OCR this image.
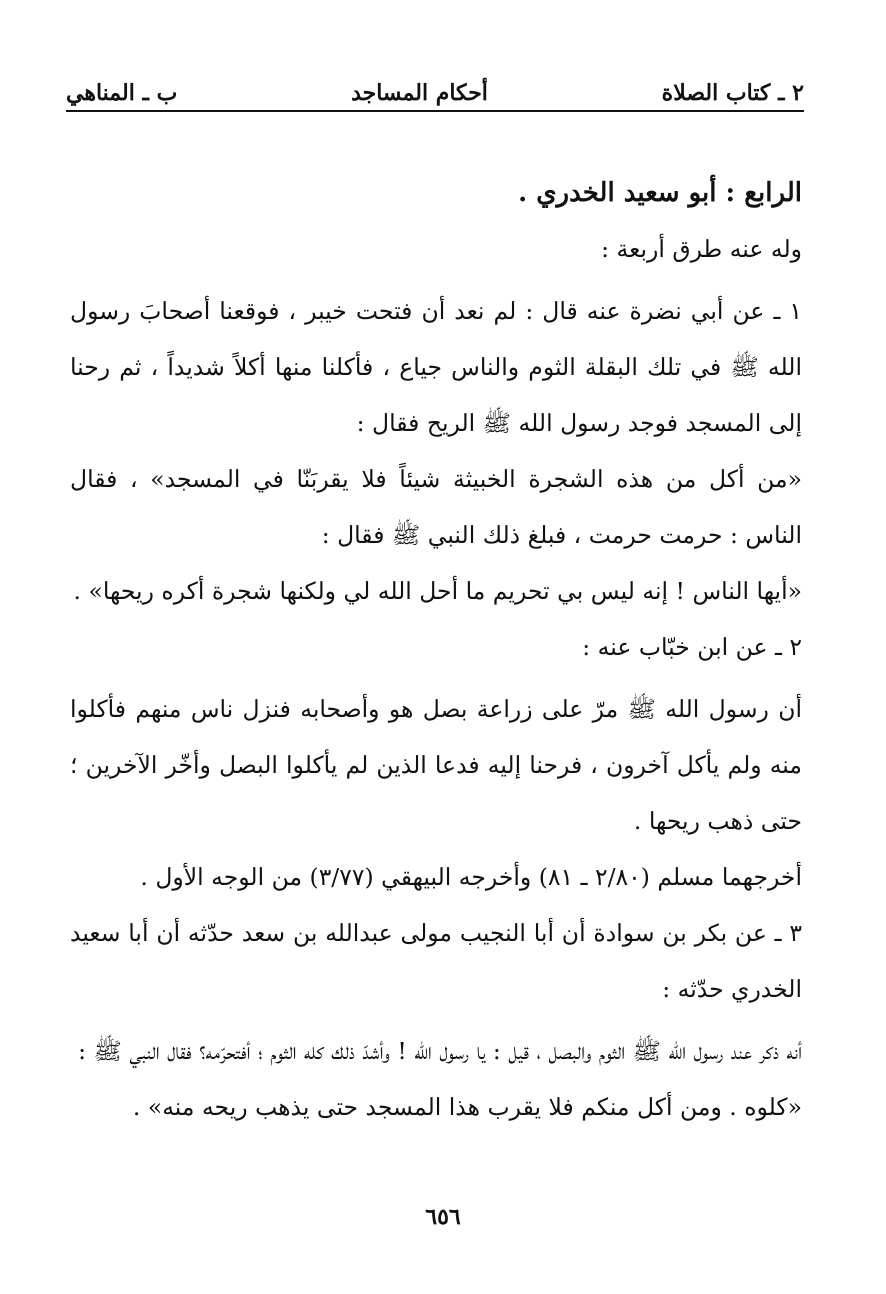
٢ ـ كتاب الصلاة
أحكام المساجد
ب ـ المناهي

الرابع : أبو سعيد الخدري .

وله عنه طرق أربعة :

١ ـ عن أبي نضرة عنه قال : لم نعد أن فتحت خيبر ، فوقعنا أصحابَ رسول الله ﷺ في تلك البقلة الثوم والناس جياع ، فأكلنا منها أكلاً شديداً ، ثم رحنا إلى المسجد فوجد رسول الله ﷺ الريح فقال :

«من أكل من هذه الشجرة الخبيثة شيئاً فلا يقربَنّا في المسجد» ، فقال الناس : حرمت حرمت ، فبلغ ذلك النبي ﷺ فقال :

«أيها الناس ! إنه ليس بي تحريم ما أحل الله لي ولكنها شجرة أكره ريحها» .

٢ ـ عن ابن خبّاب عنه :

أن رسول الله ﷺ مرّ على زراعة بصل هو وأصحابه فنزل ناس منهم فأكلوا منه ولم يأكل آخرون ، فرحنا إليه فدعا الذين لم يأكلوا البصل وأخّر الآخرين ؛ حتى ذهب ريحها .

أخرجهما مسلم (٢/٨٠ ـ ٨١) وأخرجه البيهقي (٣/٧٧) من الوجه الأول .

٣ ـ عن بكر بن سوادة أن أبا النجيب مولى عبدالله بن سعد حدّثه أن أبا سعيد الخدري حدّثه :

أنه ذكر عند رسول الله ﷺ الثوم والبصل ، قيل : يا رسول الله ! وأشدّ ذلك كله الثوم ؛ أفتحرّمه؟ فقال النبي ﷺ :

«كلوه . ومن أكل منكم فلا يقرب هذا المسجد حتى يذهب ريحه منه» .

٦٥٦
